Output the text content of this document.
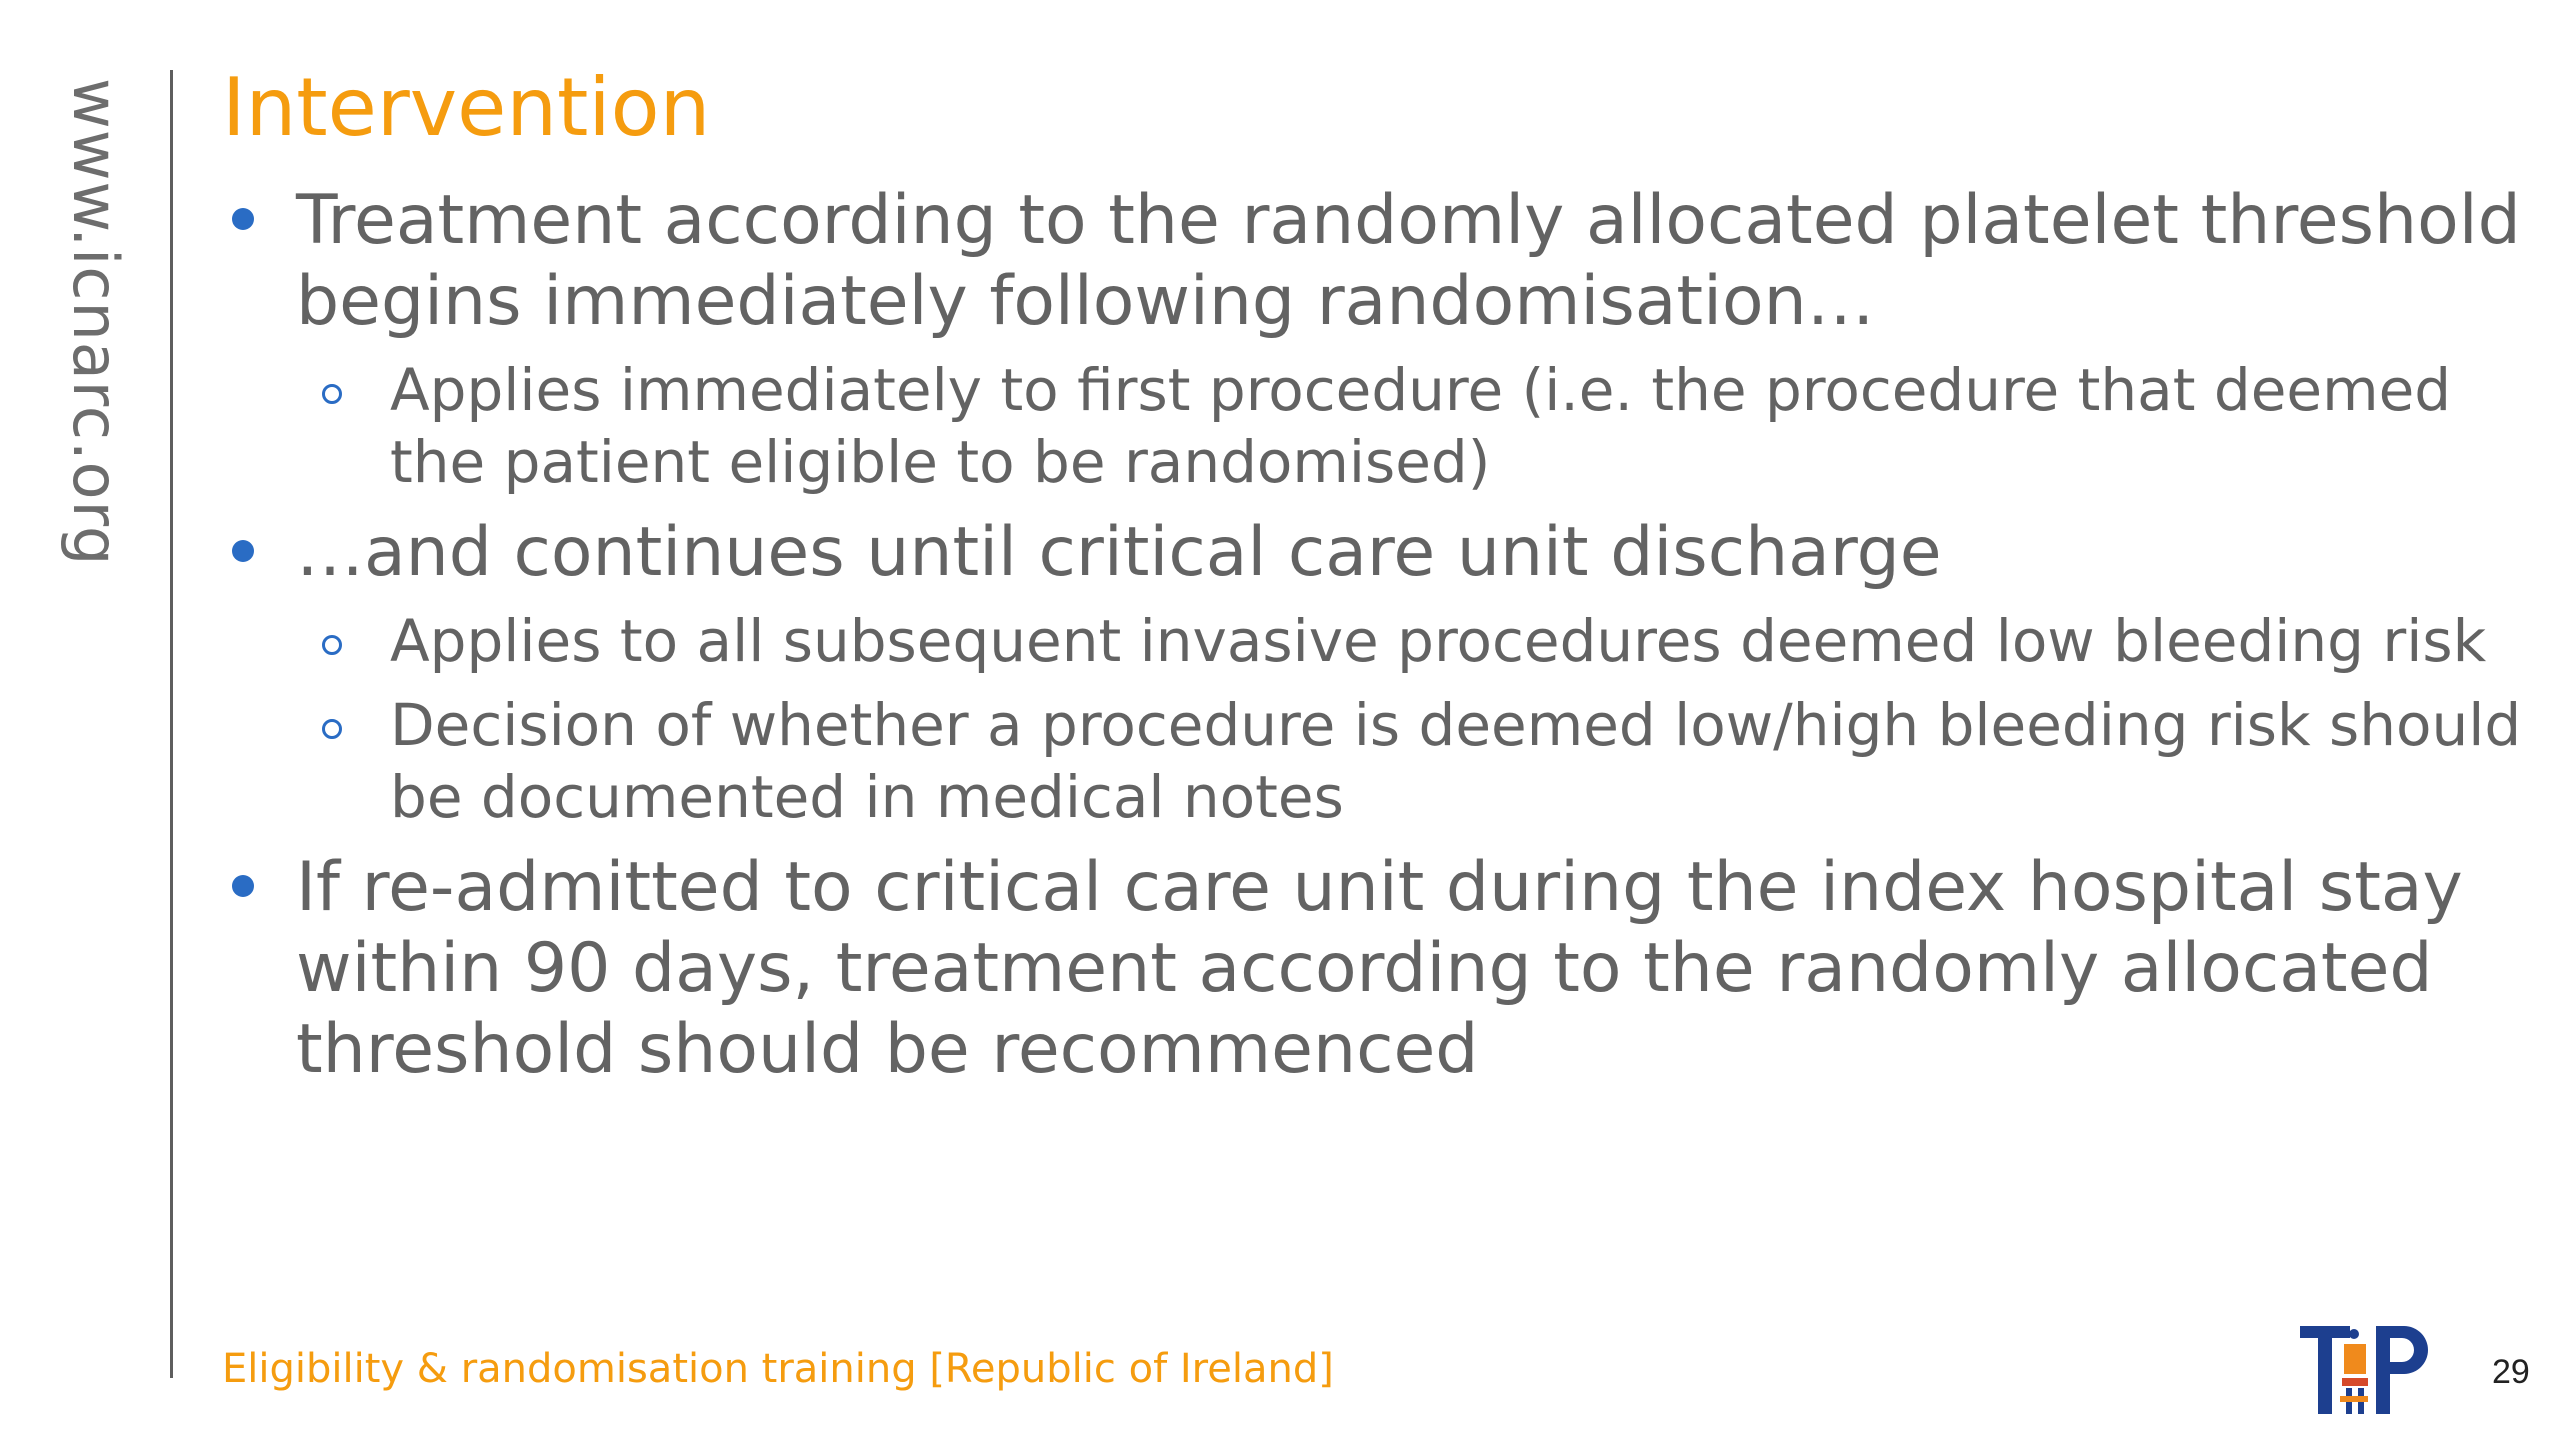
www.icnarc.org Intervention
Treatment according to the randomly allocated platelet threshold begins immediately following randomisation…
Applies immediately to first procedure (i.e. the procedure that deemed the patient eligible to be randomised)
…and continues until critical care unit discharge
Applies to all subsequent invasive procedures deemed low bleeding risk
Decision of whether a procedure is deemed low/high bleeding risk should be documented in medical notes
If re-admitted to critical care unit during the index hospital stay within 90 days, treatment according to the randomly allocated threshold should be recommenced
Eligibility & randomisation training [Republic of Ireland]	29
